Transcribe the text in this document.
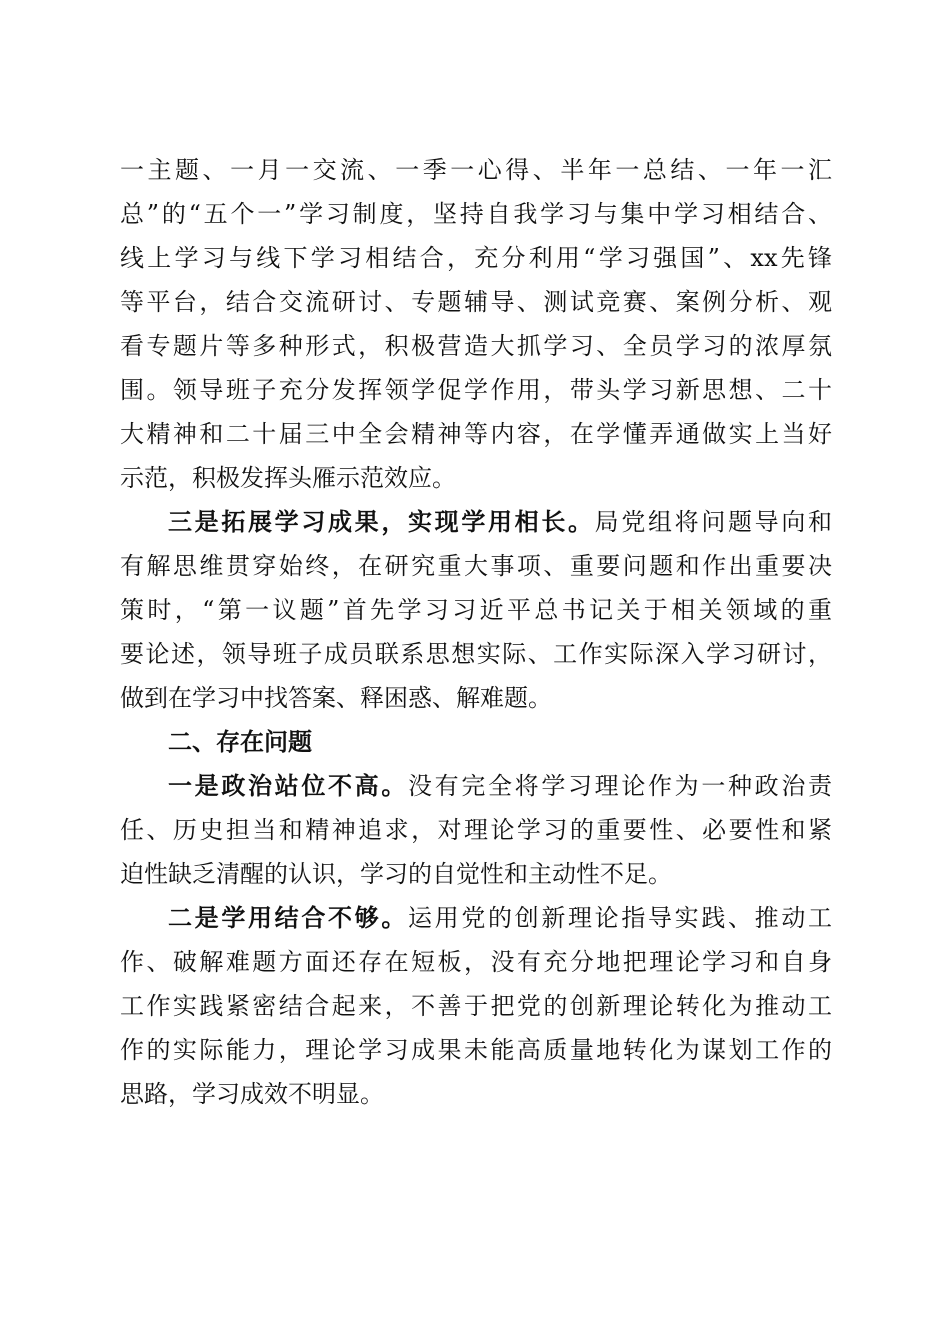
一主题、一月一交流、一季一心得、半年一总结、一年一汇
总”的“五个一”学习制度，坚持自我学习与集中学习相结合、
线上学习与线下学习相结合，充分利用“学习强国”、xx先锋
等平台，结合交流研讨、专题辅导、测试竞赛、案例分析、观
看专题片等多种形式，积极营造大抓学习、全员学习的浓厚氛
围。领导班子充分发挥领学促学作用，带头学习新思想、二十
大精神和二十届三中全会精神等内容，在学懂弄通做实上当好
示范，积极发挥头雁示范效应。
三是拓展学习成果，实现学用相长。局党组将问题导向和
有解思维贯穿始终，在研究重大事项、重要问题和作出重要决
策时，“第一议题”首先学习习近平总书记关于相关领域的重
要论述，领导班子成员联系思想实际、工作实际深入学习研讨，
做到在学习中找答案、释困惑、解难题。
二、存在问题
一是政治站位不高。没有完全将学习理论作为一种政治责
任、历史担当和精神追求，对理论学习的重要性、必要性和紧
迫性缺乏清醒的认识，学习的自觉性和主动性不足。
二是学用结合不够。运用党的创新理论指导实践、推动工
作、破解难题方面还存在短板，没有充分地把理论学习和自身
工作实践紧密结合起来，不善于把党的创新理论转化为推动工
作的实际能力，理论学习成果未能高质量地转化为谋划工作的
思路，学习成效不明显。
